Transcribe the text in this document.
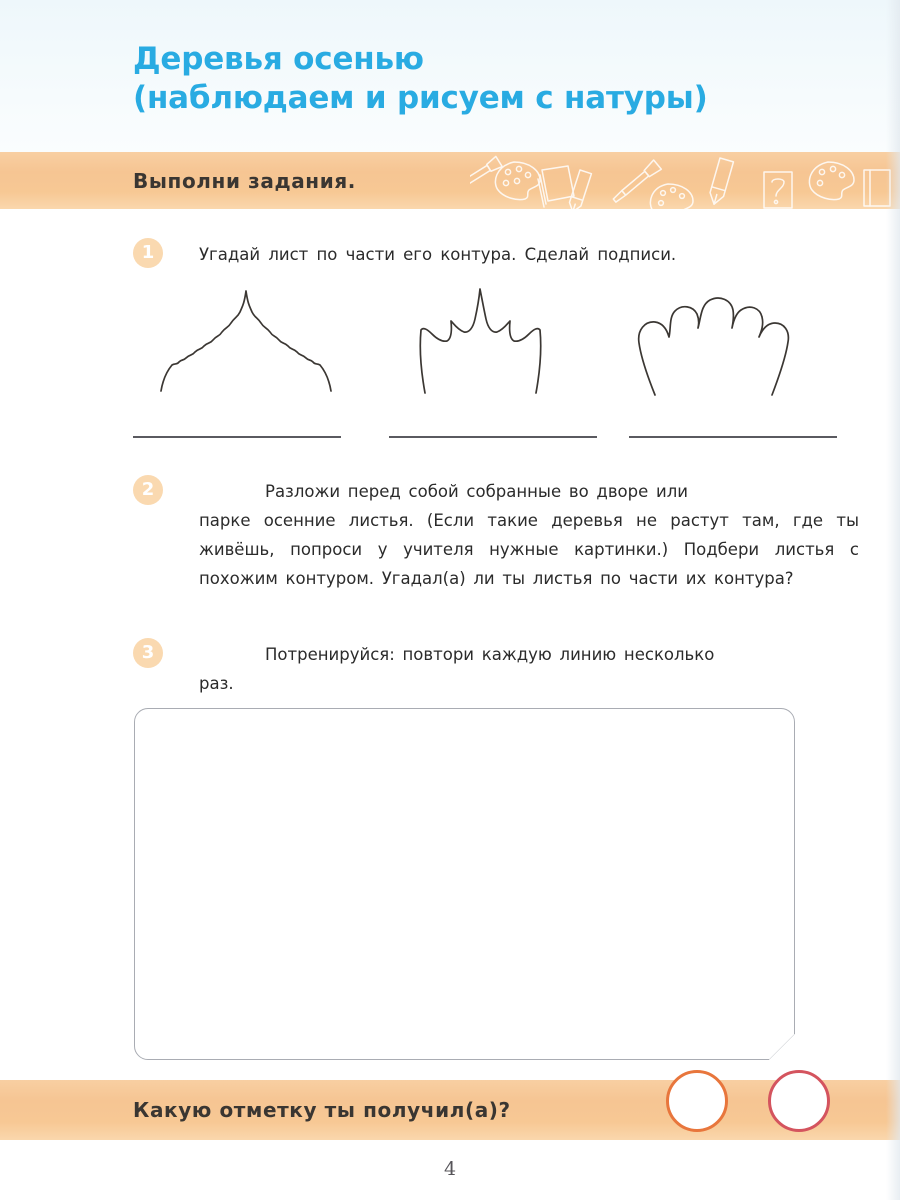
Деревья осенью
(наблюдаем и рисуем с натуры)
Выполни задания.
1	Угадай лист по части его контура. Сделай подписи.
2	Разложи перед собой собранные во дворе или
парке осенние листья. (Если такие деревья не растут там, где ты живёшь, попроси у учителя нужные картинки.) Подбери листья с похожим контуром. Угадал(а) ли ты листья по части их контура?
3	Потренируйся: повтори каждую линию несколько
раз.
Какую отметку ты получил(а)?
4
